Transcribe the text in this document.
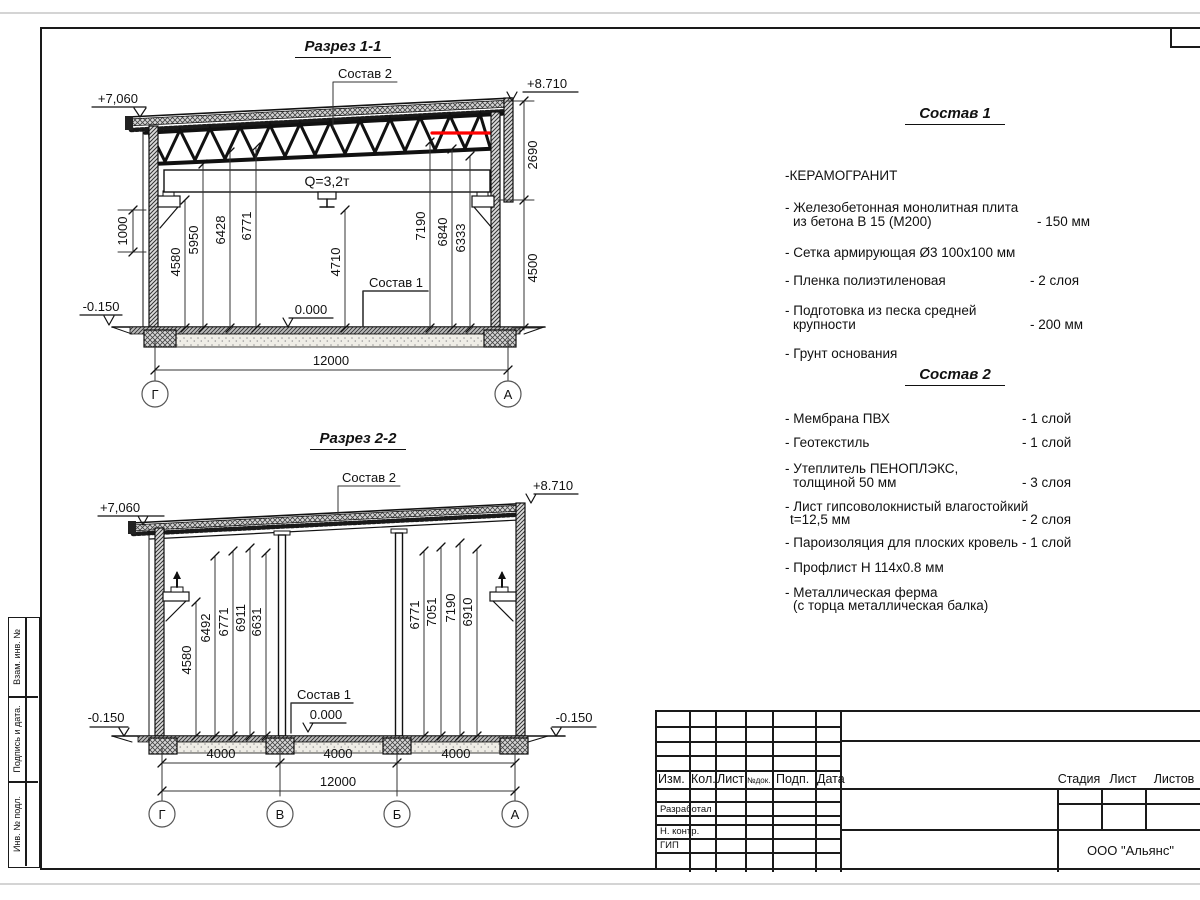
Q=3,2т
4580
5950 6428 6771
4710
7190 6840 6333
1000
2690
4500
12000
Состав 2
Состав 1
+7,060
+8.710
0.000
-0.150
Г	А
4580
6492 6771 6911 6631	6771 7051 7190 6910
4000	4000	4000
12000
Состав 2
Состав 1
+7,060
+8.710
0.000
-0.150	-0.150
Г	В	Б	А
Разрез 1-1
Разрез 2-2
Состав 1
-КЕРАМОГРАНИТ
- Железобетонная монолитная плита
из бетона В 15 (М200)	- 150 мм
- Сетка армирующая Ø3 100х100 мм
- Пленка полиэтиленовая	- 2 слоя
- Подготовка из песка средней
крупности	- 200 мм
- Грунт основания
Состав 2
- Мембрана ПВХ	- 1 слой
- Геотекстиль	- 1 слой
- Утеплитель ПЕНОПЛЭКС,
толщиной 50 мм	- 3 слоя
- Лист гипсоволокнистый влагостойкий
t=12,5 мм	- 2 слоя
- Пароизоляция для плоских кровель - 1 слой
- Профлист Н 114х0.8 мм
- Металлическая ферма
(с торца металлическая балка)
Изм. Кол. Лист №док. Подп. Дата
Разработал
Н. контр.
ГИП
Стадия Лист	Листов
ООО "Альянс"
Взам. инв. №
Подпись и дата.
Инв. № подл.
